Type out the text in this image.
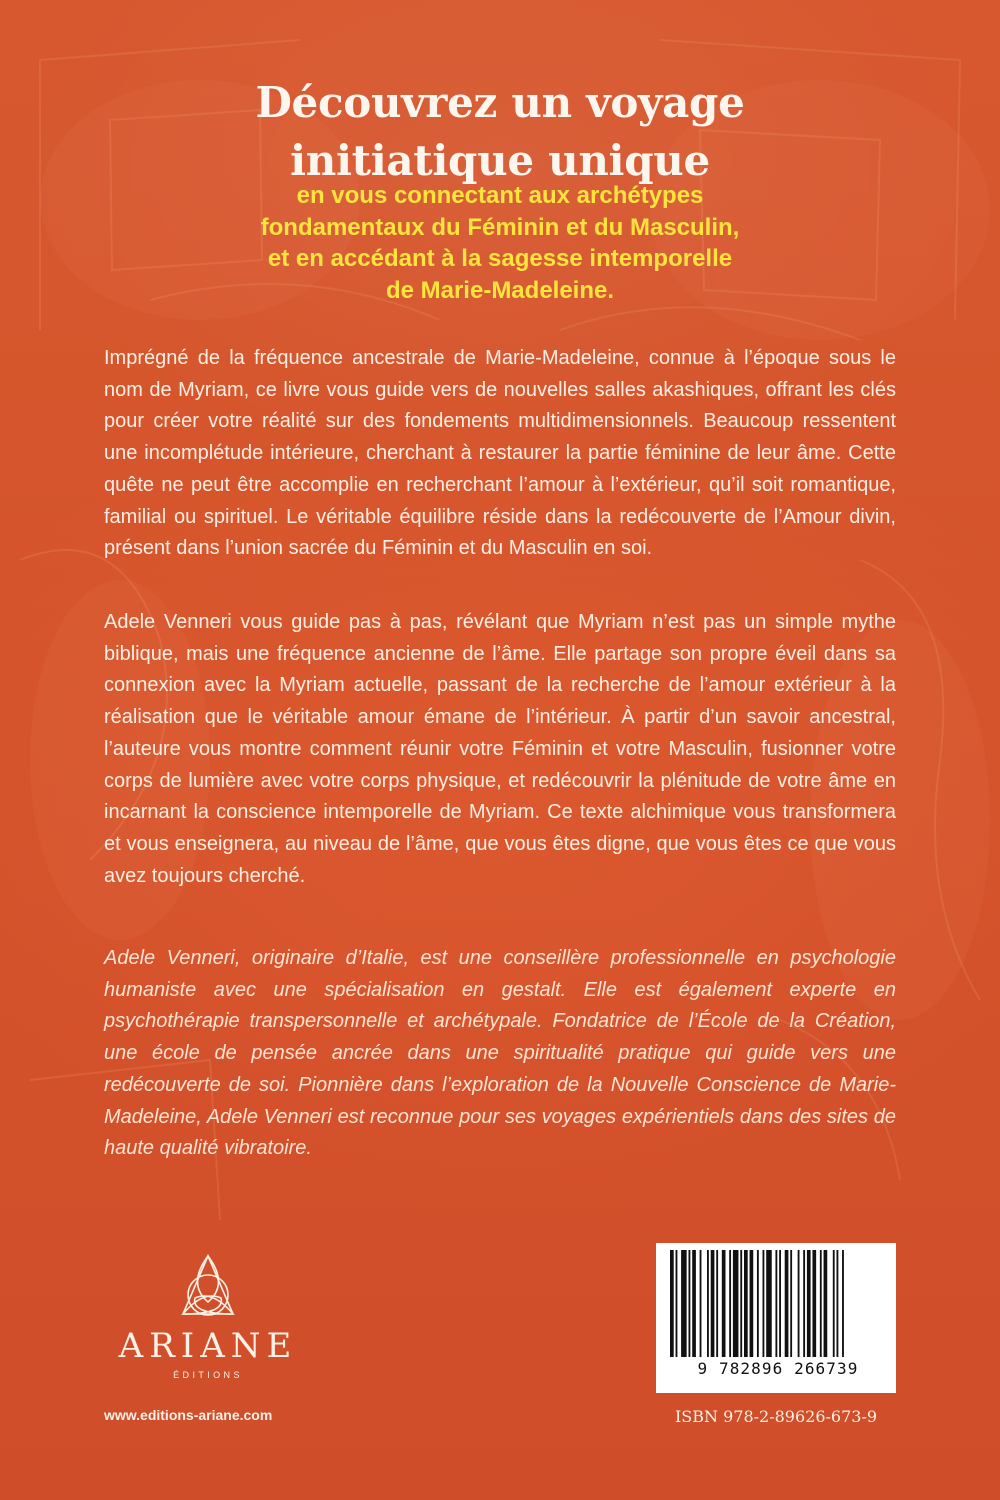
Découvrez un voyage
initiatique unique
en vous connectant aux archétypes
fondamentaux du Féminin et du Masculin,
et en accédant à la sagesse intemporelle
de Marie-Madeleine.

Imprégné de la fréquence ancestrale de Marie-Madeleine, connue à l’époque sous le nom de Myriam, ce livre vous guide vers de nouvelles salles akashiques, offrant les clés pour créer votre réalité sur des fondements multidimensionnels. Beaucoup ressentent une incomplétude intérieure, cherchant à restaurer la partie féminine de leur âme. Cette quête ne peut être accomplie en recherchant l’amour à l’extérieur, qu’il soit romantique, familial ou spirituel. Le véritable équilibre réside dans la redécouverte de l’Amour divin, présent dans l’union sacrée du Féminin et du Masculin en soi.

Adele Venneri vous guide pas à pas, révélant que Myriam n’est pas un simple mythe biblique, mais une fréquence ancienne de l’âme. Elle partage son propre éveil dans sa connexion avec la Myriam actuelle, passant de la recherche de l’amour extérieur à la réalisation que le véritable amour émane de l’intérieur. À partir d’un savoir ancestral, l’auteure vous montre comment réunir votre Féminin et votre Masculin, fusionner votre corps de lumière avec votre corps physique, et redécouvrir la plénitude de votre âme en incarnant la conscience intemporelle de Myriam. Ce texte alchimique vous transformera et vous enseignera, au niveau de l’âme, que vous êtes digne, que vous êtes ce que vous avez toujours cherché.

Adele Venneri, originaire d’Italie, est une conseillère professionnelle en psychologie humaniste avec une spécialisation en gestalt. Elle est également experte en psychothérapie transpersonnelle et archétypale. Fondatrice de l’École de la Création, une école de pensée ancrée dans une spiritualité pratique qui guide vers une redécouverte de soi. Pionnière dans l’exploration de la Nouvelle Conscience de Marie-Madeleine, Adele Venneri est reconnue pour ses voyages expérientiels dans des sites de haute qualité vibratoire.

ARIANE
ÉDITIONS
www.editions-ariane.com
9 782896 266739
ISBN 978-2-89626-673-9
